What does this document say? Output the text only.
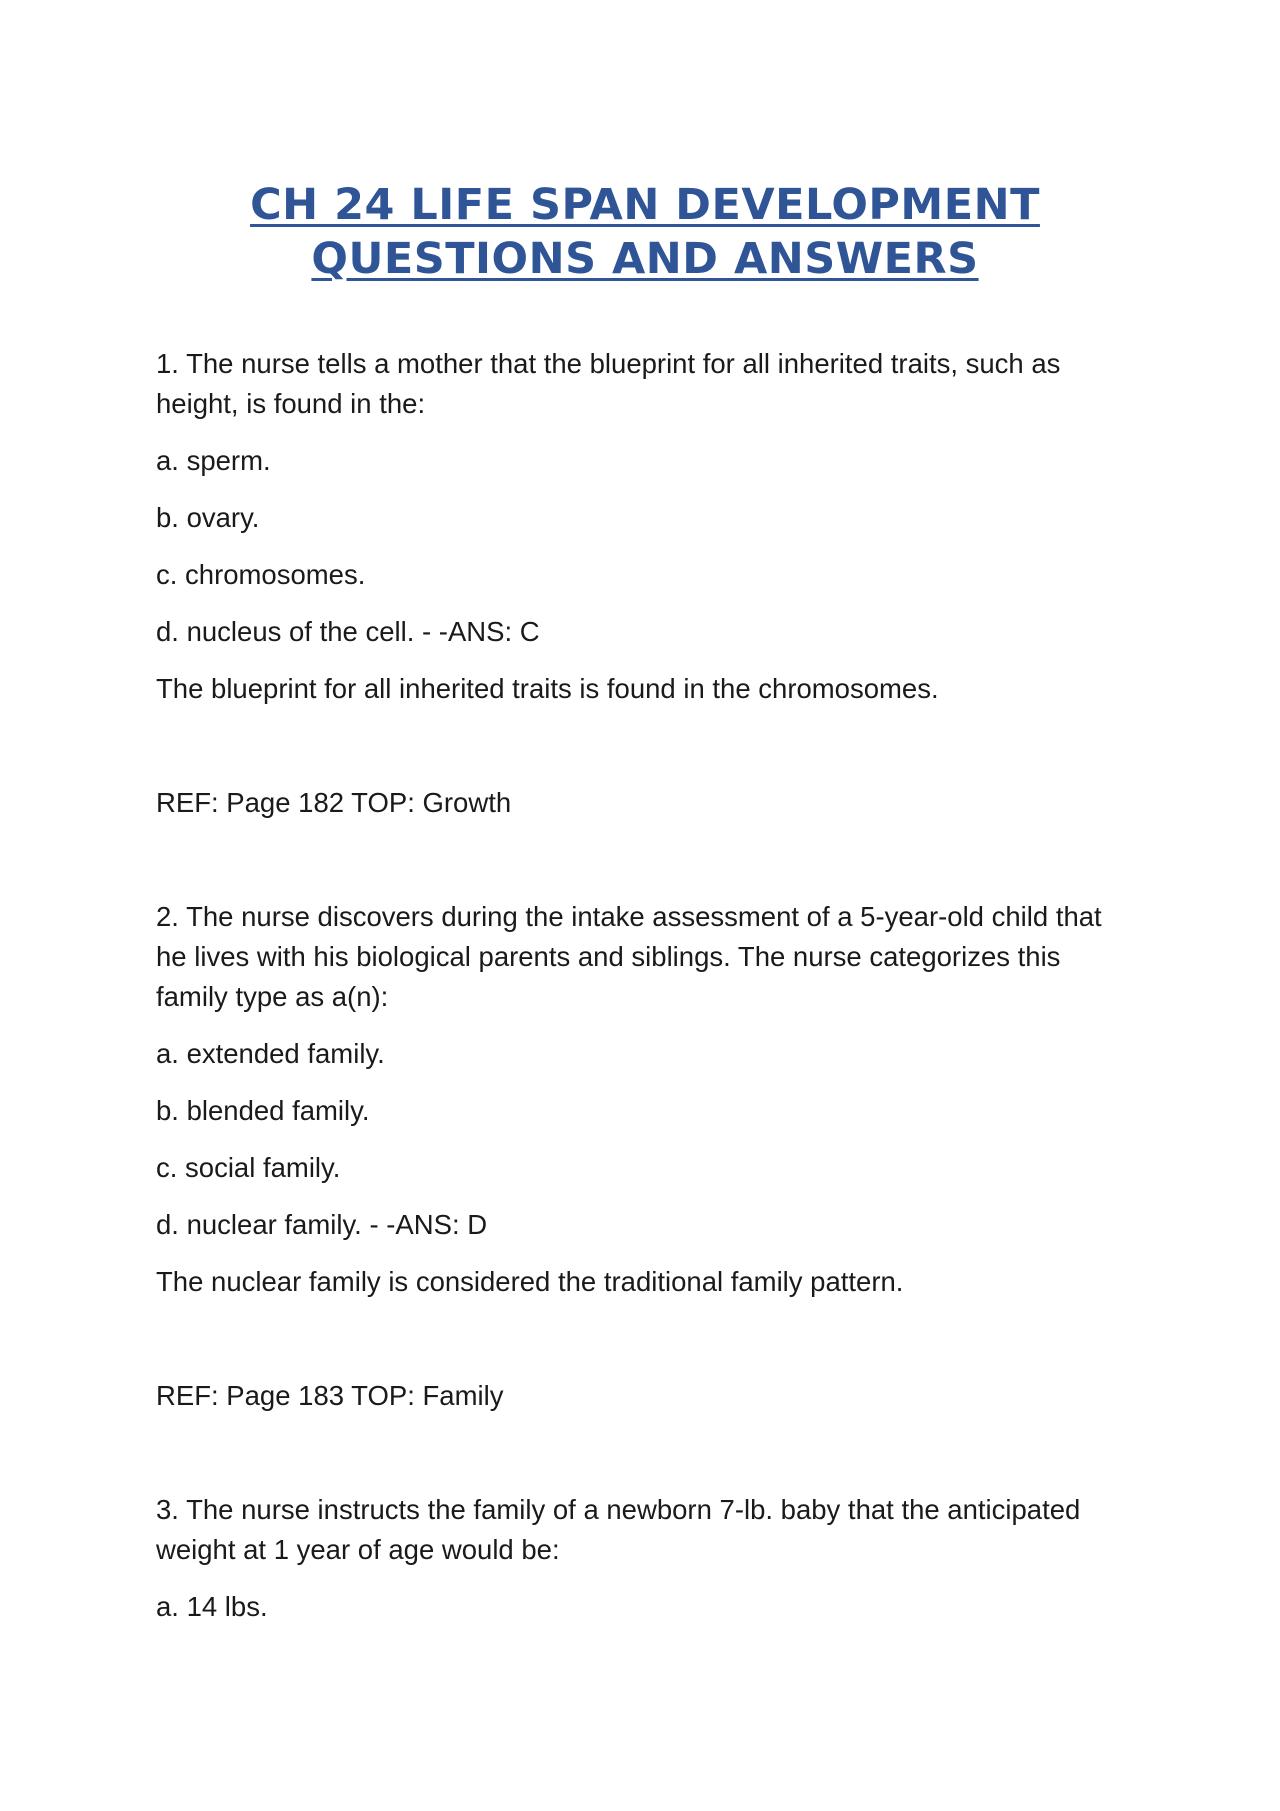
CH 24 LIFE SPAN DEVELOPMENT
QUESTIONS AND ANSWERS

1. The nurse tells a mother that the blueprint for all inherited traits, such as height, is found in the:

a. sperm.

b. ovary.

c. chromosomes.

d. nucleus of the cell. - -ANS: C

The blueprint for all inherited traits is found in the chromosomes.

REF: Page 182 TOP: Growth

2. The nurse discovers during the intake assessment of a 5-year-old child that he lives with his biological parents and siblings. The nurse categorizes this family type as a(n):

a. extended family.

b. blended family.

c. social family.

d. nuclear family. - -ANS: D

The nuclear family is considered the traditional family pattern.

REF: Page 183 TOP: Family

3. The nurse instructs the family of a newborn 7-lb. baby that the anticipated weight at 1 year of age would be:

a. 14 lbs.
